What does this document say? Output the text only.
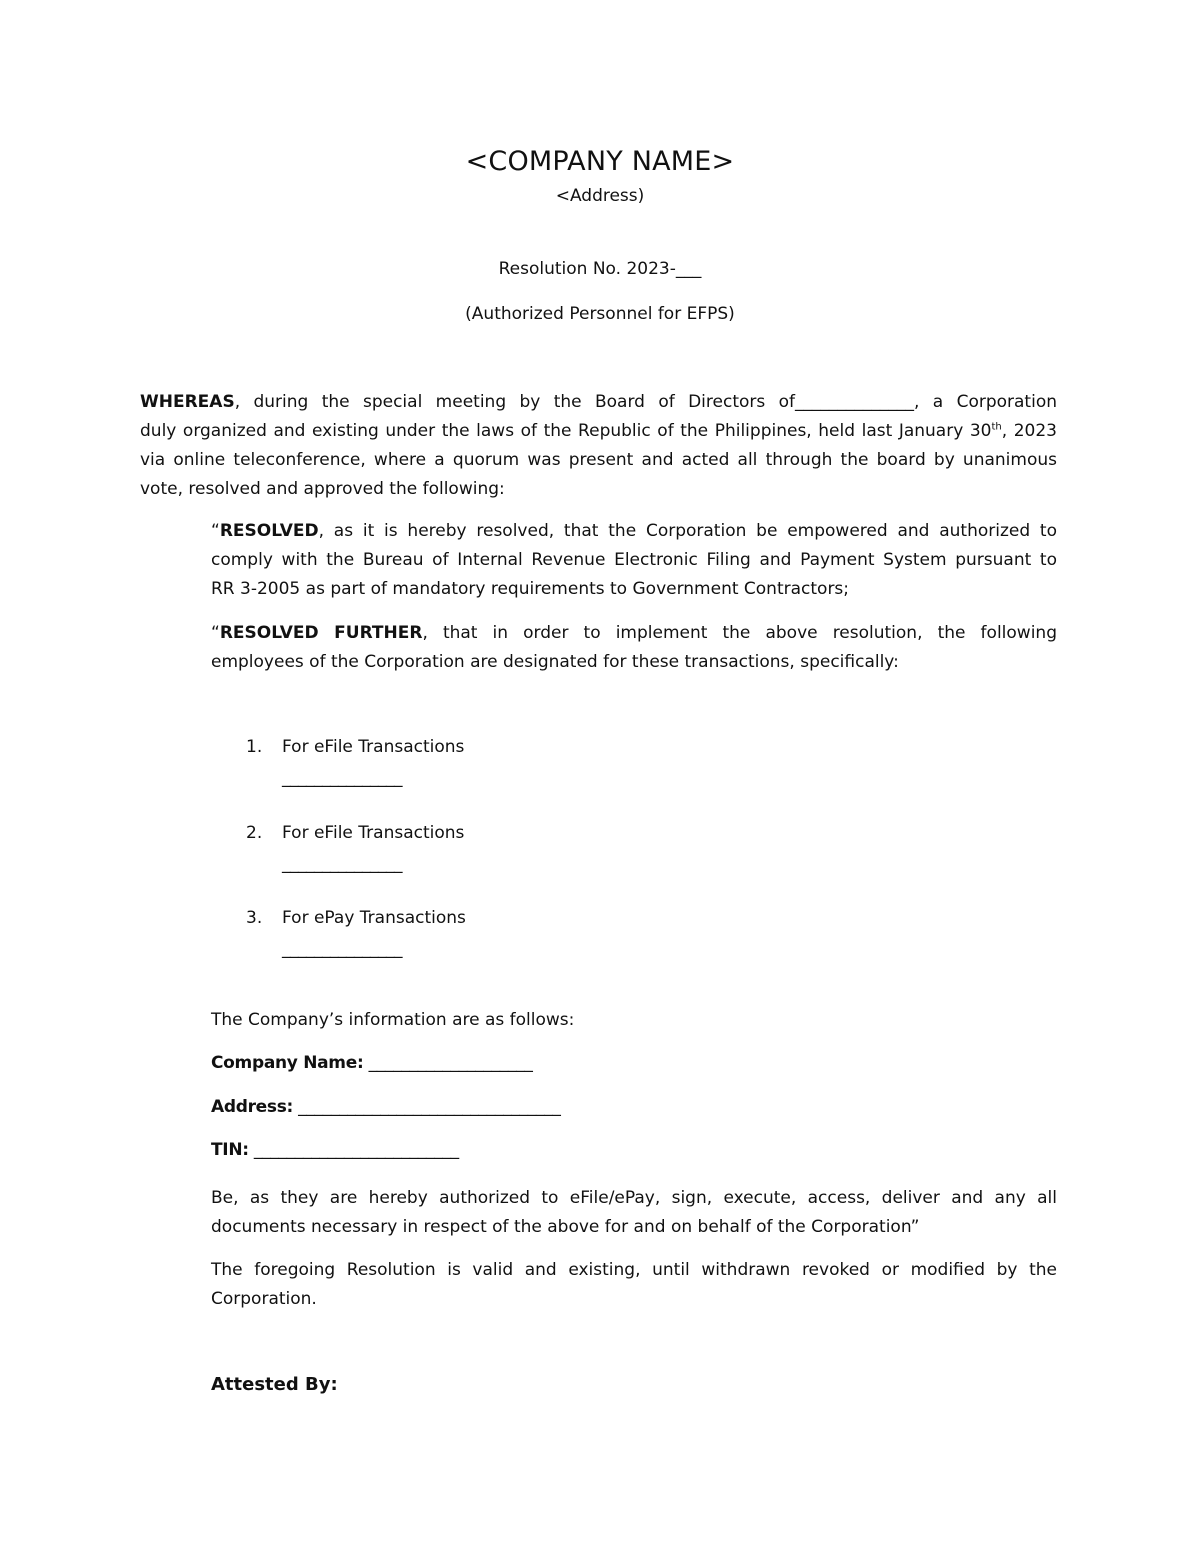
<COMPANY NAME>
<Address)
Resolution No. 2023-___
(Authorized Personnel for EFPS)
WHEREAS, during the special meeting by the Board of Directors of______________, a Corporation
duly organized and existing under the laws of the Republic of the Philippines, held last January 30th, 2023
via online teleconference, where a quorum was present and acted all through the board by unanimous
vote, resolved and approved the following:
“RESOLVED, as it is hereby resolved, that the Corporation be empowered and authorized to
comply with the Bureau of Internal Revenue Electronic Filing and Payment System pursuant to
RR 3-2005 as part of mandatory requirements to Government Contractors;
“RESOLVED FURTHER, that in order to implement the above resolution, the following
employees of the Corporation are designated for these transactions, specifically:
1. For eFile Transactions
_______________
2. For eFile Transactions
_______________
3. For ePay Transactions
_______________
The Company’s information are as follows:
Company Name: ____________________
Address: ________________________________
TIN: _________________________
Be, as they are hereby authorized to eFile/ePay, sign, execute, access, deliver and any all
documents necessary in respect of the above for and on behalf of the Corporation”
The foregoing Resolution is valid and existing, until withdrawn revoked or modified by the
Corporation.
Attested By:
